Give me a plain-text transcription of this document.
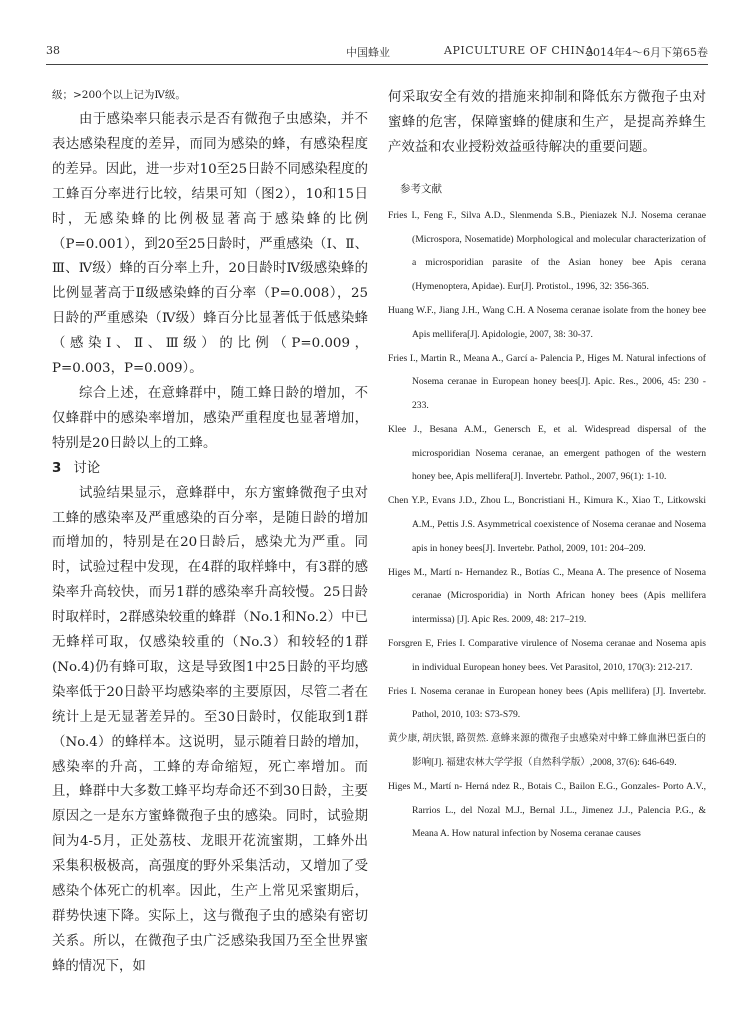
38	中国蜂业	APICULTURE OF CHINA
2014年4～6月下第65卷

级；>200个以上记为Ⅳ级。

由于感染率只能表示是否有微孢子虫感染，并不表达感染程度的差异，而同为感染的蜂，有感染程度的差异。因此，进一步对10至25日龄不同感染程度的工蜂百分率进行比较，结果可知（图2），10和15日时，无感染蜂的比例极显著高于感染蜂的比例（P=0.001），到20至25日龄时，严重感染（Ⅰ、Ⅱ、Ⅲ、Ⅳ级）蜂的百分率上升，20日龄时Ⅳ级感染蜂的比例显著高于Ⅱ级感染蜂的百分率（P=0.008），25日龄的严重感染（Ⅳ级）蜂百分比显著低于低感染蜂（感染Ⅰ、Ⅱ、Ⅲ级）的比例（P=0.009，P=0.003，P=0.009）。

综合上述，在意蜂群中，随工蜂日龄的增加，不仅蜂群中的感染率增加，感染严重程度也显著增加，特别是20日龄以上的工蜂。

3 讨论

试验结果显示，意蜂群中，东方蜜蜂微孢子虫对工蜂的感染率及严重感染的百分率，是随日龄的增加而增加的，特别是在20日龄后，感染尤为严重。同时，试验过程中发现，在4群的取样蜂中，有3群的感染率升高较快，而另1群的感染率升高较慢。25日龄时取样时，2群感染较重的蜂群（No.1和No.2）中已无蜂样可取，仅感染较重的（No.3）和较轻的1群(No.4)仍有蜂可取，这是导致图1中25日龄的平均感染率低于20日龄平均感染率的主要原因，尽管二者在统计上是无显著差异的。至30日龄时，仅能取到1群（No.4）的蜂样本。这说明，显示随着日龄的增加，感染率的升高，工蜂的寿命缩短，死亡率增加。而且，蜂群中大多数工蜂平均寿命还不到30日龄，主要原因之一是东方蜜蜂微孢子虫的感染。同时，试验期间为4-5月，正处荔枝、龙眼开花流蜜期，工蜂外出采集积极极高，高强度的野外采集活动，又增加了受感染个体死亡的机率。因此，生产上常见采蜜期后，群势快速下降。实际上，这与微孢子虫的感染有密切关系。所以，在微孢子虫广泛感染我国乃至全世界蜜蜂的情况下，如

何采取安全有效的措施来抑制和降低东方微孢子虫对蜜蜂的危害，保障蜜蜂的健康和生产，是提高养蜂生产效益和农业授粉效益亟待解决的重要问题。

参考文献

Fries I., Feng F., Silva A.D., Slenmenda S.B., Pieniazek N.J. Nosema ceranae (Microspora, Nosematide) Morphological and molecular characterization of a microsporidian parasite of the Asian honey bee Apis cerana (Hymenoptera, Apidae). Eur[J]. Protistol., 1996, 32: 356-365.

Huang W.F., Jiang J.H., Wang C.H. A Nosema ceranae isolate from the honey bee Apis mellifera[J]. Apidologie, 2007, 38: 30-37.

Fries I., Martin R., Meana A., Garcí a- Palencia P., Higes M. Natural infections of Nosema ceranae in European honey bees[J]. Apic. Res., 2006, 45: 230 - 233.

Klee J., Besana A.M., Genersch E, et al. Widespread dispersal of the microsporidian Nosema ceranae, an emergent pathogen of the western honey bee, Apis mellifera[J]. Invertebr. Pathol., 2007, 96(1): 1-10.

Chen Y.P., Evans J.D., Zhou L., Boncristiani H., Kimura K., Xiao T., Litkowski A.M., Pettis J.S. Asymmetrical coexistence of Nosema ceranae and Nosema apis in honey bees[J]. Invertebr. Pathol, 2009, 101: 204–209.

Higes M., Martí n- Hernandez R., Botías C., Meana A. The presence of Nosema ceranae (Microsporidia) in North African honey bees (Apis mellifera intermissa) [J]. Apic Res. 2009, 48: 217–219.

Forsgren E, Fries I. Comparative virulence of Nosema ceranae and Nosema apis in individual European honey bees. Vet Parasitol, 2010, 170(3): 212-217.

Fries I. Nosema ceranae in European honey bees (Apis mellifera) [J]. Invertebr. Pathol, 2010, 103: S73-S79.

黄少康, 胡庆银, 路贺然. 意蜂来源的微孢子虫感染对中蜂工蜂血淋巴蛋白的影响[J]. 福建农林大学学报（自然科学版）,2008, 37(6): 646-649.

Higes M., Martí n- Herná ndez R., Botais C., Bailon E.G., Gonzales- Porto A.V., Rarrios L., del Nozal M.J., Bernal J.L., Jimenez J.J., Palencia P.G., & Meana A. How natural infection by Nosema ceranae causes
